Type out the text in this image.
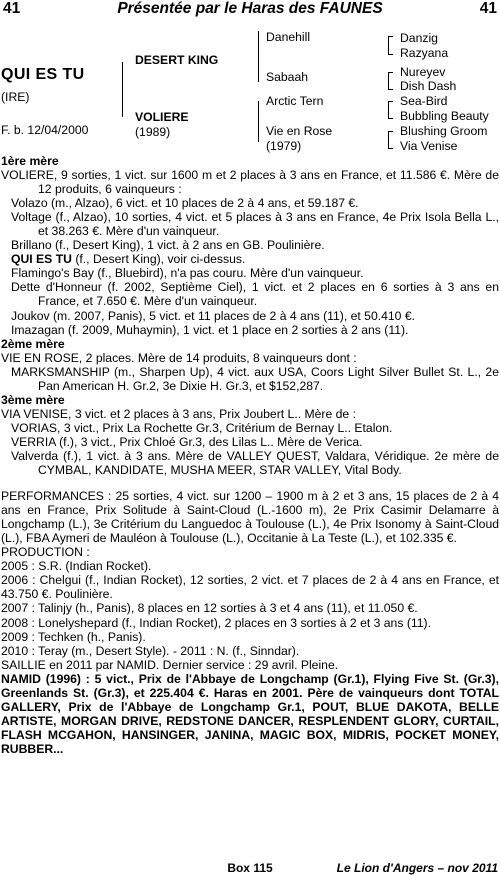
41	Présentée par le Haras des FAUNES	41
QUI ES TU
(IRE)
F. b. 12/04/2000
DESERT KING
VOLIERE
(1989)
Danehill
Sabaah
Arctic Tern
Vie en Rose
(1979)
Danzig
Razyana
Nureyev
Dish Dash
Sea-Bird
Bubbling Beauty
Blushing Groom
Via Venise

1ère mère

VOLIERE, 9 sorties, 1 vict. sur 1600 m et 2 places à 3 ans en France, et 11.586 €. Mère de 12 produits, 6 vainqueurs :

Volazo (m., Alzao), 6 vict. et 10 places de 2 à 4 ans, et 59.187 €.

Voltage (f., Alzao), 10 sorties, 4 vict. et 5 places à 3 ans en France, 4e Prix Isola Bella L., et 38.263 €. Mère d'un vainqueur.

Brillano (f., Desert King), 1 vict. à 2 ans en GB. Poulinière.

QUI ES TU (f., Desert King), voir ci-dessus.

Flamingo's Bay (f., Bluebird), n'a pas couru. Mère d'un vainqueur.

Dette d'Honneur (f. 2002, Septième Ciel), 1 vict. et 2 places en 6 sorties à 3 ans en France, et 7.650 €. Mère d'un vainqueur.

Joukov (m. 2007, Panis), 5 vict. et 11 places de 2 à 4 ans (11), et 50.410 €.

Imazagan (f. 2009, Muhaymin), 1 vict. et 1 place en 2 sorties à 2 ans (11).

2ème mère

VIE EN ROSE, 2 places. Mère de 14 produits, 8 vainqueurs dont :

MARKSMANSHIP (m., Sharpen Up), 4 vict. aux USA, Coors Light Silver Bullet St. L., 2e Pan American H. Gr.2, 3e Dixie H. Gr.3, et $152,287.

3ème mère

VIA VENISE, 3 vict. et 2 places à 3 ans, Prix Joubert L.. Mère de :

VORIAS, 3 vict., Prix La Rochette Gr.3, Critérium de Bernay L.. Etalon.

VERRIA (f.), 3 vict., Prix Chloé Gr.3, des Lilas L.. Mère de Verica.

Valverda (f.), 1 vict. à 3 ans. Mère de VALLEY QUEST, Valdara, Véridique. 2e mère de CYMBAL, KANDIDATE, MUSHA MEER, STAR VALLEY, Vital Body.

PERFORMANCES : 25 sorties, 4 vict. sur 1200 – 1900 m à 2 et 3 ans, 15 places de 2 à 4 ans en France, Prix Solitude à Saint-Cloud (L.-1600 m), 2e Prix Casimir Delamarre à Longchamp (L.), 3e Critérium du Languedoc à Toulouse (L.), 4e Prix Isonomy à Saint-Cloud (L.), FBA Aymeri de Mauléon à Toulouse (L.), Occitanie à La Teste (L.), et 102.335 €.

PRODUCTION :

2005 : S.R. (Indian Rocket).

2006 : Chelgui (f., Indian Rocket), 12 sorties, 2 vict. et 7 places de 2 à 4 ans en France, et 43.750 €. Poulinière.

2007 : Talinjy (h., Panis), 8 places en 12 sorties à 3 et 4 ans (11), et 11.050 €.

2008 : Lonelyshepard (f., Indian Rocket), 2 places en 3 sorties à 2 et 3 ans (11).

2009 : Techken (h., Panis).

2010 : Teray (m., Desert Style). - 2011 : N. (f., Sinndar).

SAILLIE en 2011 par NAMID. Dernier service : 29 avril. Pleine.

NAMID (1996) : 5 vict., Prix de l'Abbaye de Longchamp (Gr.1), Flying Five St. (Gr.3), Greenlands St. (Gr.3), et 225.404 €. Haras en 2001. Père de vainqueurs dont TOTAL GALLERY, Prix de l'Abbaye de Longchamp Gr.1, POUT, BLUE DAKOTA, BELLE ARTISTE, MORGAN DRIVE, REDSTONE DANCER, RESPLENDENT GLORY, CURTAIL, FLASH MCGAHON, HANSINGER, JANINA, MAGIC BOX, MIDRIS, POCKET MONEY, RUBBER...

Box 115	Le Lion d'Angers – nov 2011
